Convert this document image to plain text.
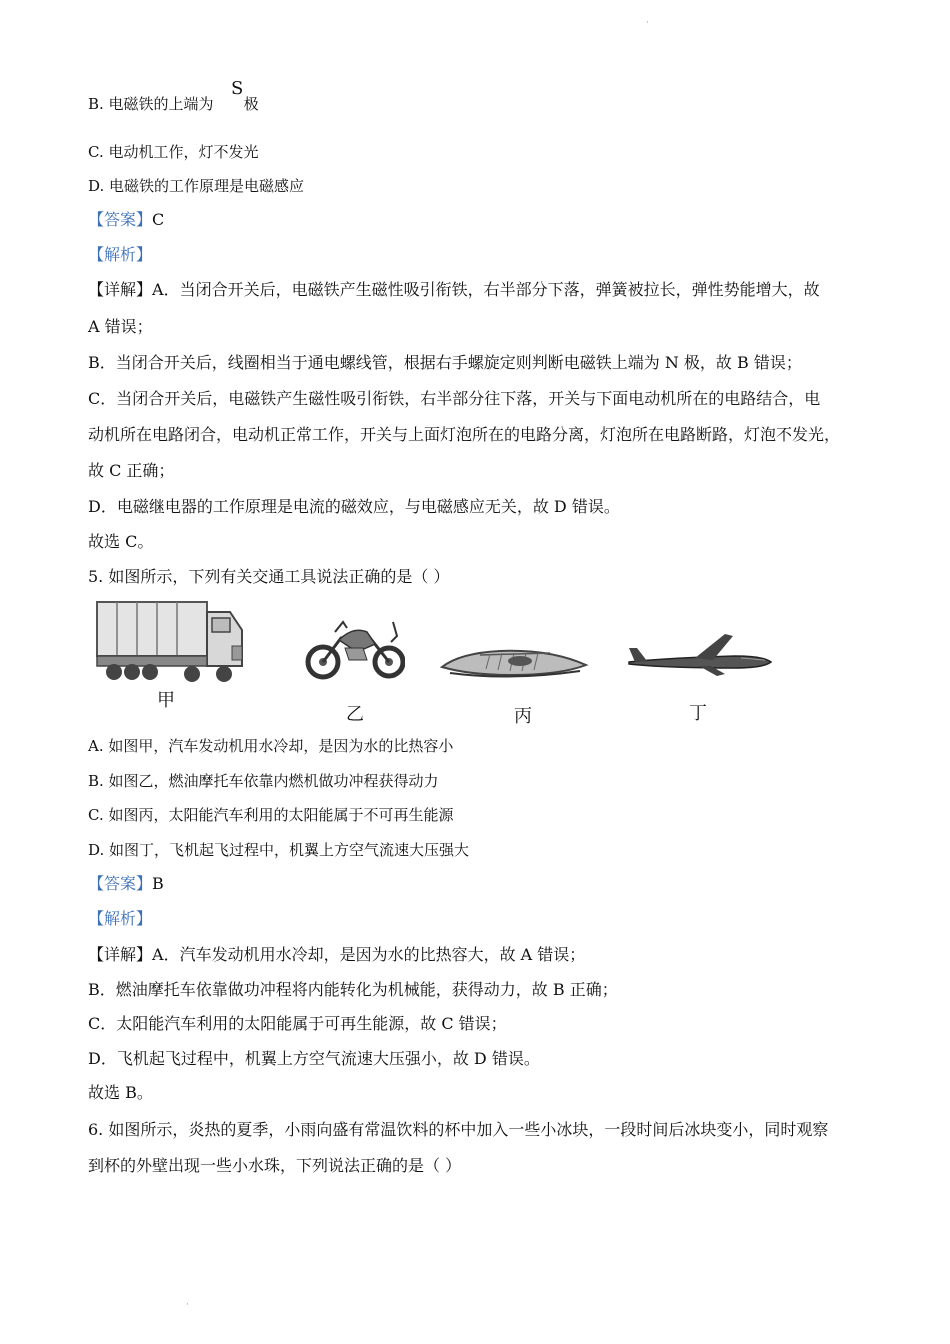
·
B. 电磁铁的上端为 极
S
C. 电动机工作，灯不发光
D. 电磁铁的工作原理是电磁感应
【答案】C
【解析】
【详解】A．当闭合开关后，电磁铁产生磁性吸引衔铁，右半部分下落，弹簧被拉长，弹性势能增大，故
A 错误；
B．当闭合开关后，线圈相当于通电螺线管，根据右手螺旋定则判断电磁铁上端为 N 极，故 B 错误；
C．当闭合开关后，电磁铁产生磁性吸引衔铁，右半部分往下落，开关与下面电动机所在的电路结合，电
动机所在电路闭合，电动机正常工作，开关与上面灯泡所在的电路分离，灯泡所在电路断路，灯泡不发光，
故 C 正确；
D．电磁继电器的工作原理是电流的磁效应，与电磁感应无关，故 D 错误。
故选 C。
5. 如图所示，下列有关交通工具说法正确的是（ ）
甲
乙	丙	丁
A. 如图甲，汽车发动机用水冷却，是因为水的比热容小
B. 如图乙，燃油摩托车依靠内燃机做功冲程获得动力
C. 如图丙，太阳能汽车利用的太阳能属于不可再生能源
D. 如图丁，飞机起飞过程中，机翼上方空气流速大压强大
【答案】B
【解析】
【详解】A．汽车发动机用水冷却，是因为水的比热容大，故 A 错误；
B．燃油摩托车依靠做功冲程将内能转化为机械能，获得动力，故 B 正确；
C．太阳能汽车利用的太阳能属于可再生能源，故 C 错误；
D．飞机起飞过程中，机翼上方空气流速大压强小，故 D 错误。
故选 B。
6. 如图所示，炎热的夏季，小雨向盛有常温饮料的杯中加入一些小冰块，一段时间后冰块变小，同时观察
到杯的外壁出现一些小水珠，下列说法正确的是（ ）
·
